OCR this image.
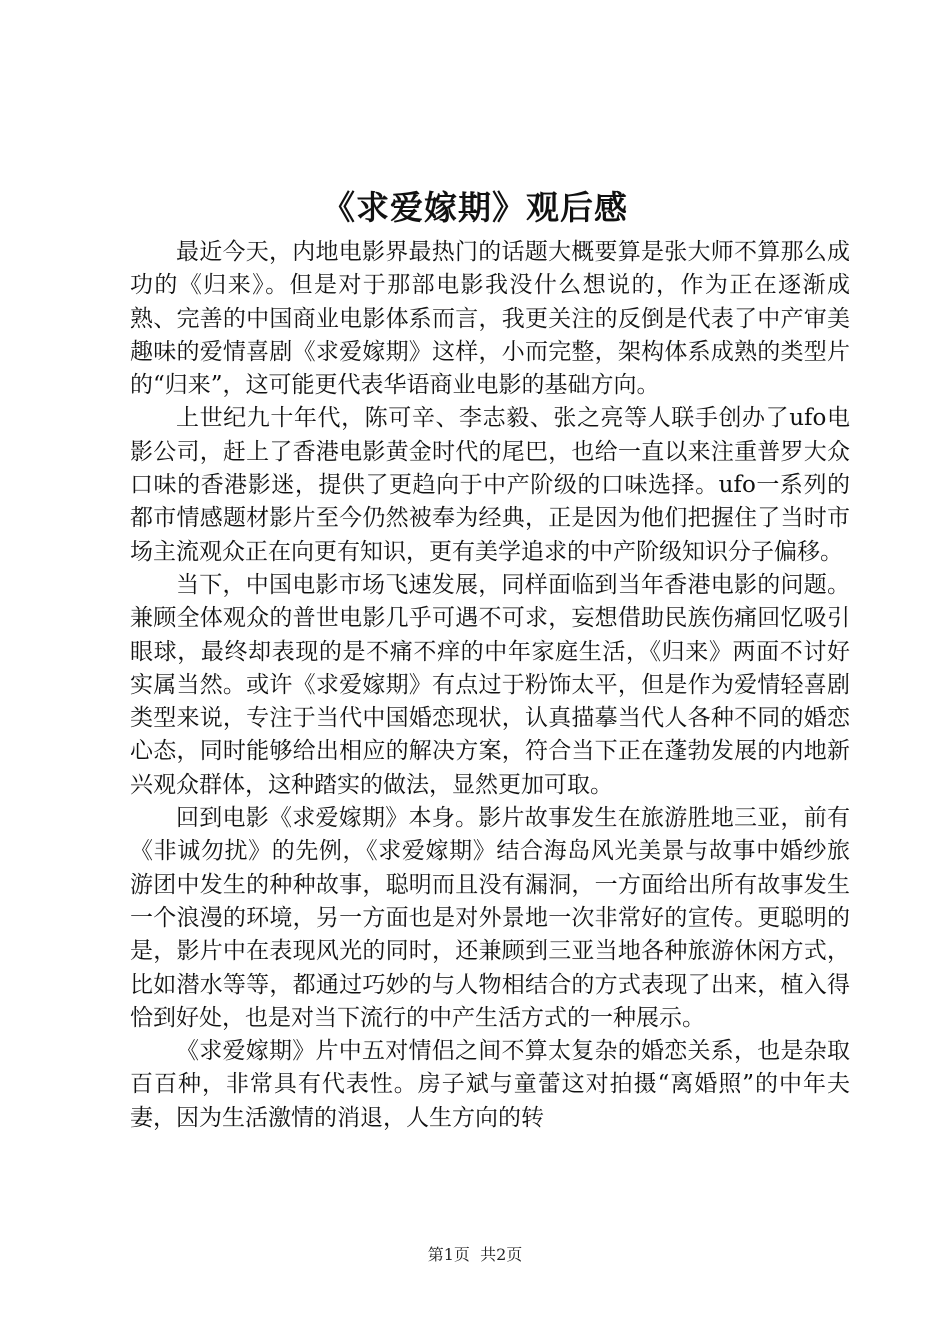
《求爱嫁期》观后感

最近今天，内地电影界最热门的话题大概要算是张大师不算那么成功的《归来》。但是对于那部电影我没什么想说的，作为正在逐渐成熟、完善的中国商业电影体系而言，我更关注的反倒是代表了中产审美趣味的爱情喜剧《求爱嫁期》这样，小而完整，架构体系成熟的类型片的“归来”，这可能更代表华语商业电影的基础方向。

上世纪九十年代，陈可辛、李志毅、张之亮等人联手创办了ufo电影公司，赶上了香港电影黄金时代的尾巴，也给一直以来注重普罗大众口味的香港影迷，提供了更趋向于中产阶级的口味选择。ufo一系列的都市情感题材影片至今仍然被奉为经典，正是因为他们把握住了当时市场主流观众正在向更有知识，更有美学追求的中产阶级知识分子偏移。

当下，中国电影市场飞速发展，同样面临到当年香港电影的问题。兼顾全体观众的普世电影几乎可遇不可求，妄想借助民族伤痛回忆吸引眼球，最终却表现的是不痛不痒的中年家庭生活，《归来》两面不讨好实属当然。或许《求爱嫁期》有点过于粉饰太平，但是作为爱情轻喜剧类型来说，专注于当代中国婚恋现状，认真描摹当代人各种不同的婚恋心态，同时能够给出相应的解决方案，符合当下正在蓬勃发展的内地新兴观众群体，这种踏实的做法，显然更加可取。

回到电影《求爱嫁期》本身。影片故事发生在旅游胜地三亚，前有《非诚勿扰》的先例，《求爱嫁期》结合海岛风光美景与故事中婚纱旅游团中发生的种种故事，聪明而且没有漏洞，一方面给出所有故事发生一个浪漫的环境，另一方面也是对外景地一次非常好的宣传。更聪明的是，影片中在表现风光的同时，还兼顾到三亚当地各种旅游休闲方式，比如潜水等等，都通过巧妙的与人物相结合的方式表现了出来，植入得恰到好处，也是对当下流行的中产生活方式的一种展示。

《求爱嫁期》片中五对情侣之间不算太复杂的婚恋关系，也是杂取百百种，非常具有代表性。房子斌与童蕾这对拍摄“离婚照”的中年夫妻，因为生活激情的消退，人生方向的转

第1页  共2页
